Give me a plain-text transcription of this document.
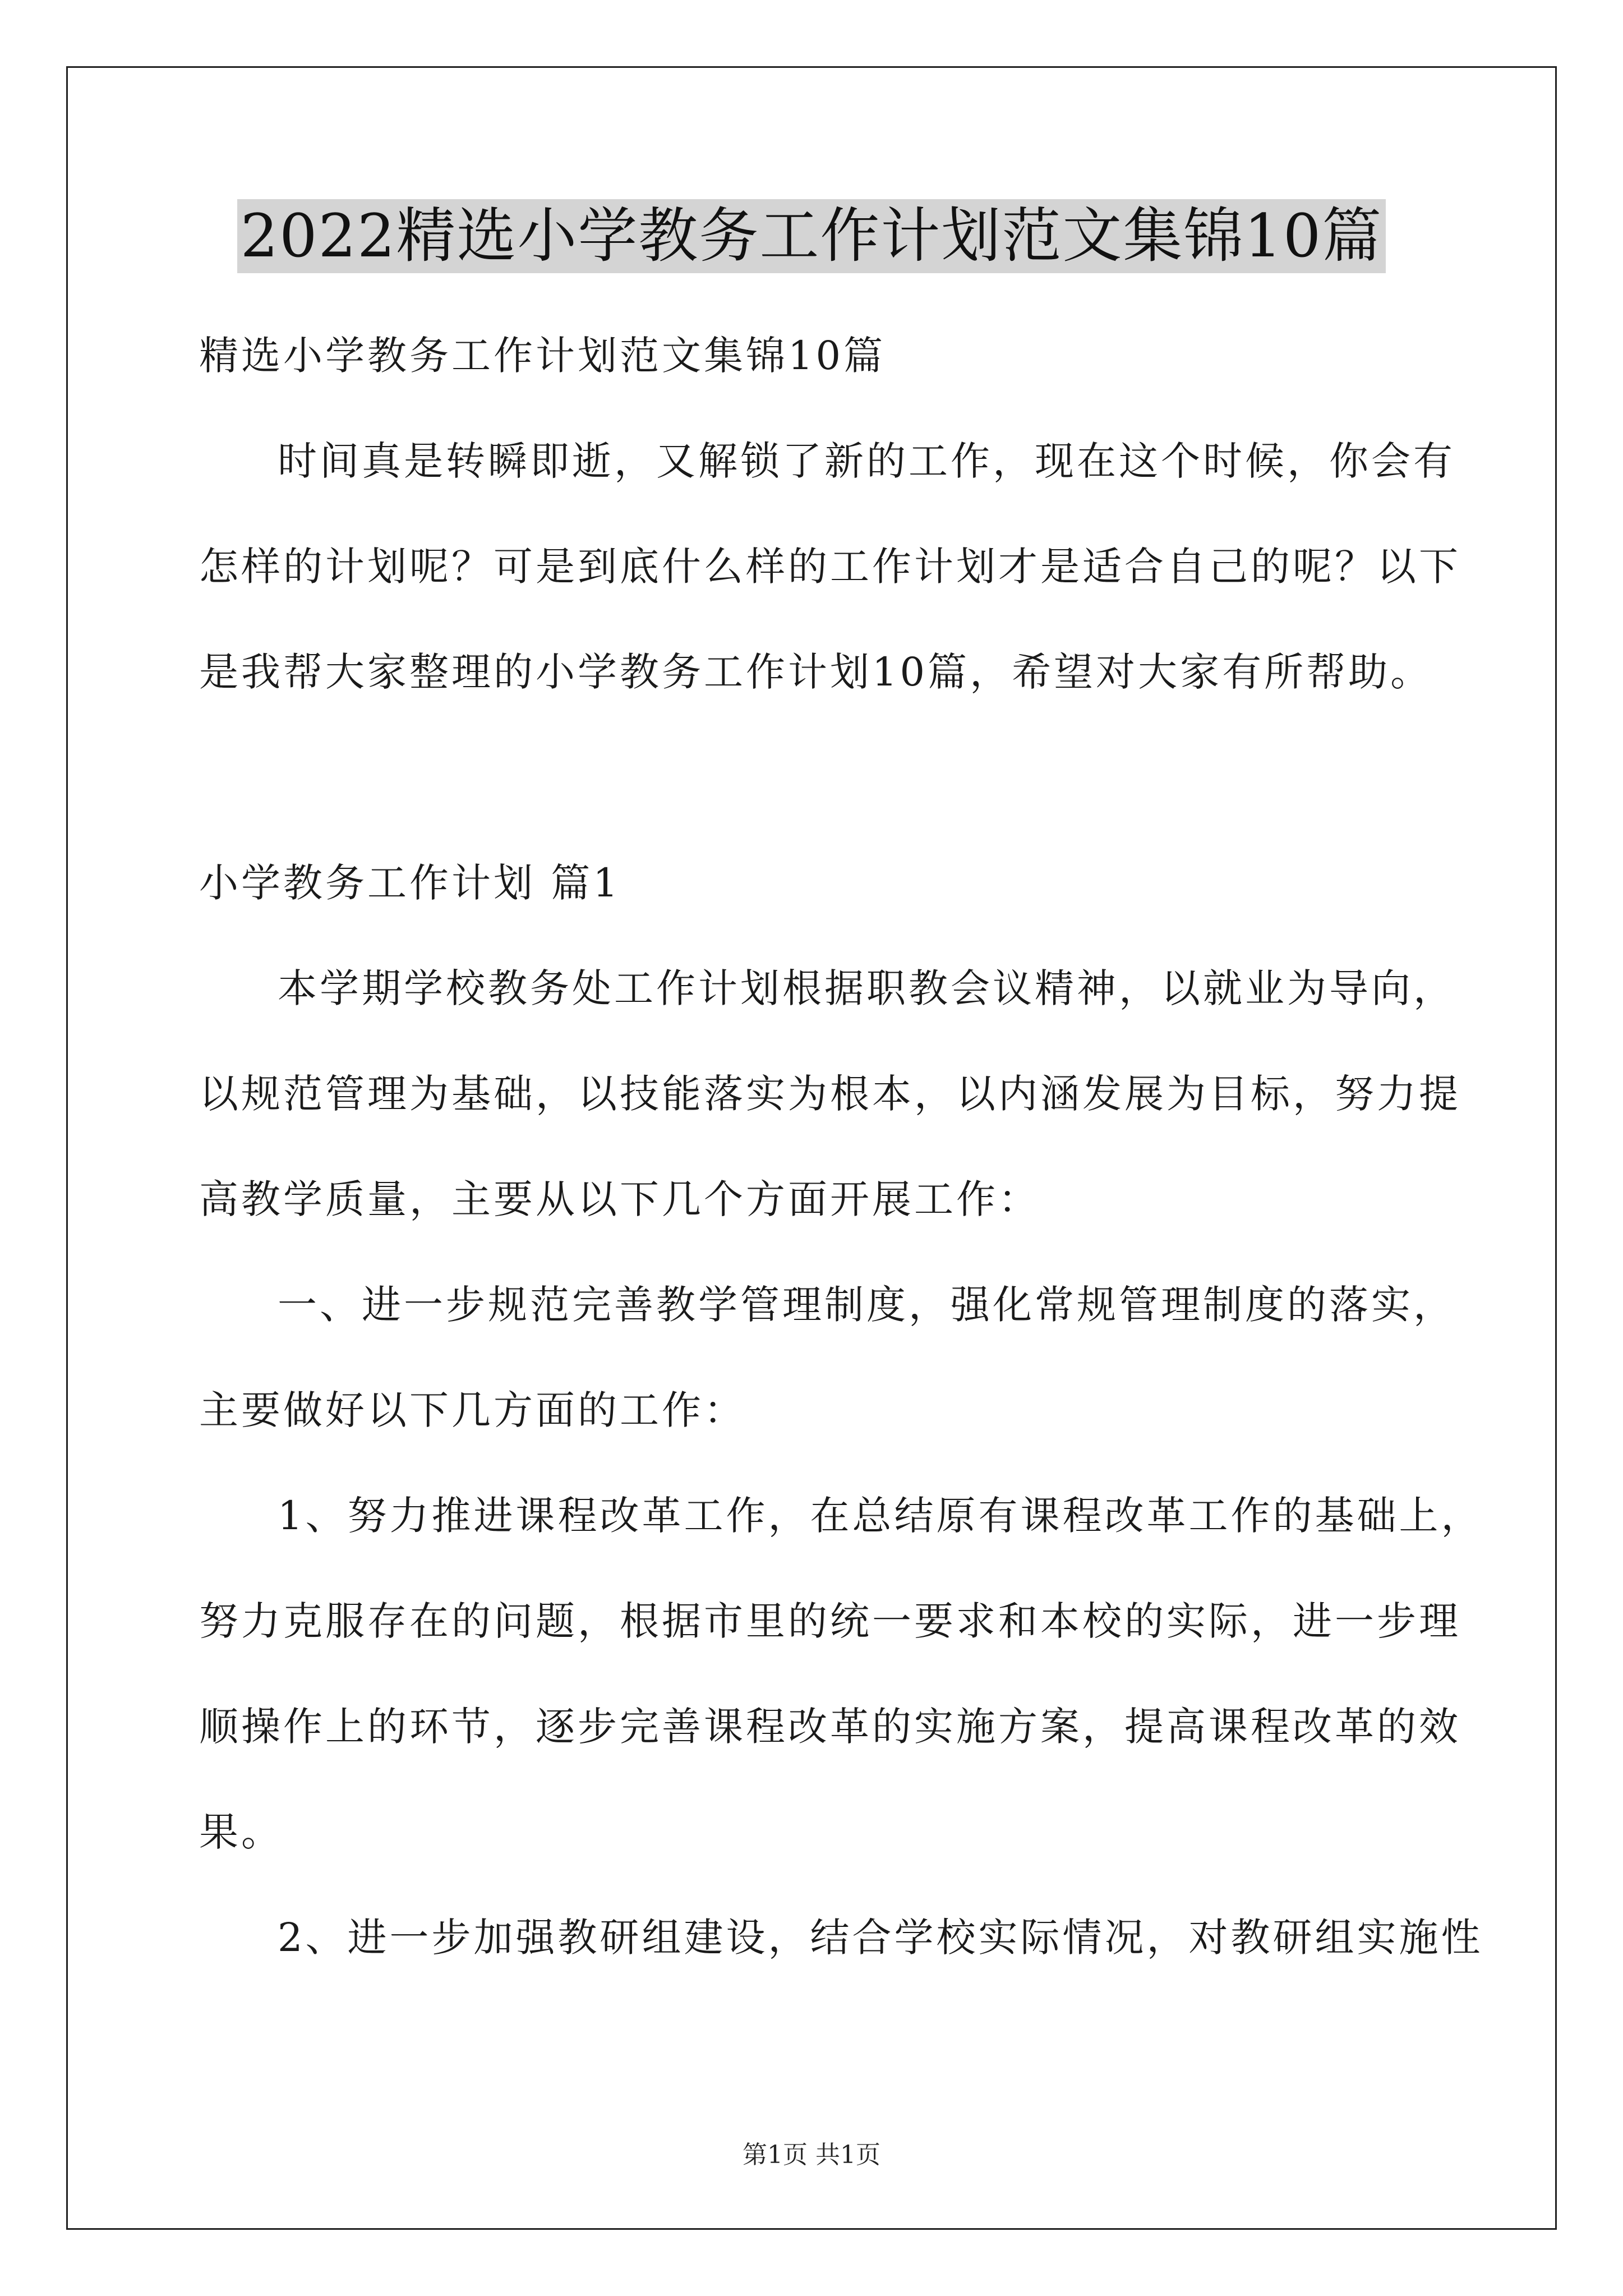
2022精选小学教务工作计划范文集锦10篇
精选小学教务工作计划范文集锦10篇
时间真是转瞬即逝，又解锁了新的工作，现在这个时候，你会有
怎样的计划呢？可是到底什么样的工作计划才是适合自己的呢？以下
是我帮大家整理的小学教务工作计划10篇，希望对大家有所帮助。
小学教务工作计划 篇1
本学期学校教务处工作计划根据职教会议精神，以就业为导向，
以规范管理为基础，以技能落实为根本，以内涵发展为目标，努力提
高教学质量，主要从以下几个方面开展工作：
一、进一步规范完善教学管理制度，强化常规管理制度的落实，
主要做好以下几方面的工作：
1、努力推进课程改革工作，在总结原有课程改革工作的基础上，
努力克服存在的问题，根据市里的统一要求和本校的实际，进一步理
顺操作上的环节，逐步完善课程改革的实施方案，提高课程改革的效
果。
2、进一步加强教研组建设，结合学校实际情况，对教研组实施性
第1页 共1页
